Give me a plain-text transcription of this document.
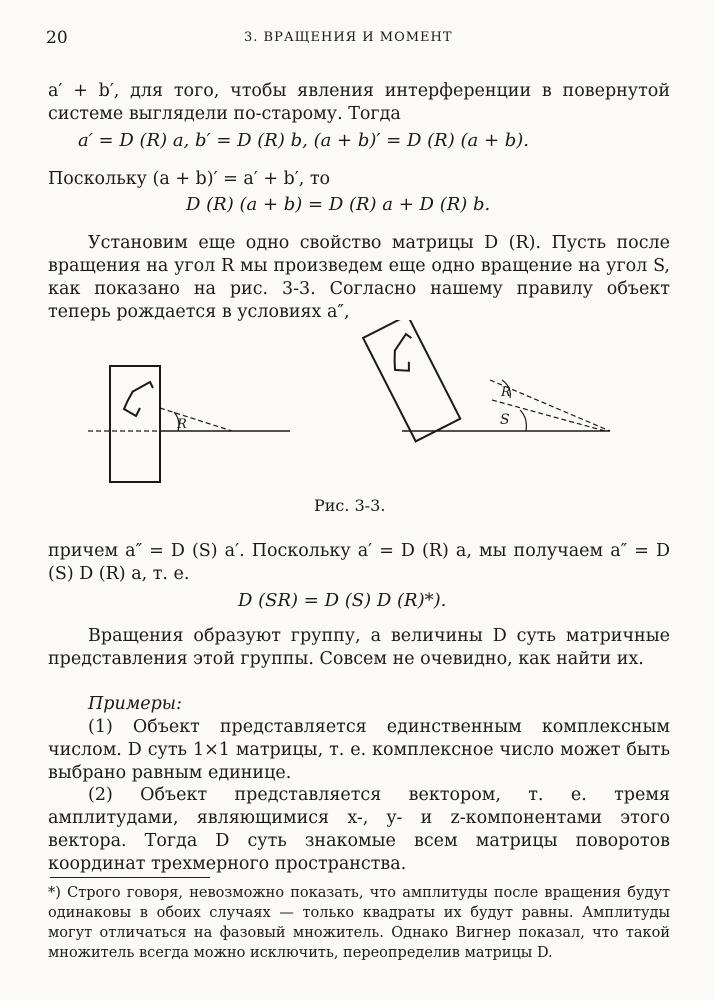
20	3. ВРАЩЕНИЯ И МОМЕНТ

a′ + b′, для того, чтобы явления интерференции в повернутой системе выглядели по-старому. Тогда

a′ = D (R) a, b′ = D (R) b, (a + b)′ = D (R) (a + b).

Поскольку (a + b)′ = a′ + b′, то

D (R) (a + b) = D (R) a + D (R) b.

Установим еще одно свойство матрицы D (R). Пусть после вращения на угол R мы произведем еще одно вращение на угол S, как показано на рис. 3-3. Согласно нашему правилу объект теперь рождается в условиях a″,

R
R
S
Рис. 3-3.

причем a″ = D (S) a′. Поскольку a′ = D (R) a, мы получаем a″ = D (S) D (R) a, т. е.

D (SR) = D (S) D (R)*).

Вращения образуют группу, а величины D суть матричные представления этой группы. Совсем не очевидно, как найти их.

Примеры:

(1) Объект представляется единственным комплексным числом. D суть 1×1 матрицы, т. е. комплексное число может быть выбрано равным единице.

(2) Объект представляется вектором, т. е. тремя амплитудами, являющимися x-, y- и z-компонентами этого вектора. Тогда D суть знакомые всем матрицы поворотов координат трехмерного пространства.

*) Строго говоря, невозможно показать, что амплитуды после вращения будут одинаковы в обоих случаях — только квадраты их будут равны. Амплитуды могут отличаться на фазовый множитель. Однако Вигнер показал, что такой множитель всегда можно исключить, переопределив матрицы D.
